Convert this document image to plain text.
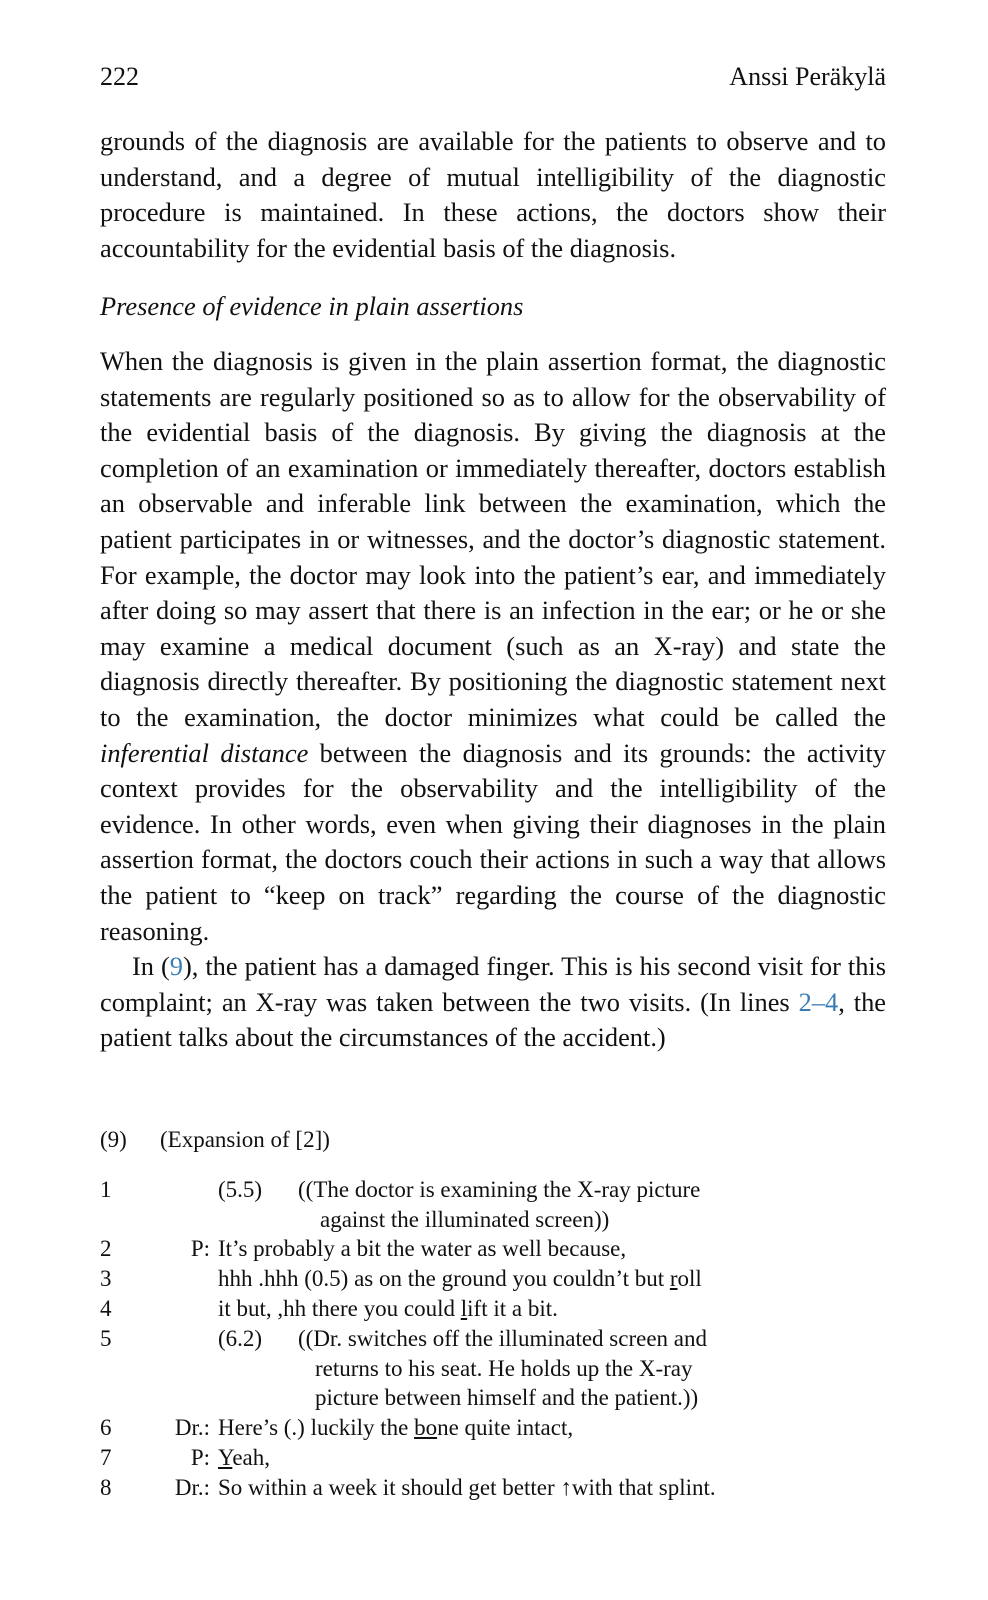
222	Anssi Peräkylä

grounds of the diagnosis are available for the patients to observe and to understand, and a degree of mutual intelligibility of the diagnostic procedure is maintained. In these actions, the doctors show their accountability for the evidential basis of the diagnosis.

Presence of evidence in plain assertions

When the diagnosis is given in the plain assertion format, the diagnostic statements are regularly positioned so as to allow for the observability of the evidential basis of the diagnosis. By giving the diagnosis at the completion of an examination or immediately thereafter, doctors establish an observable and inferable link between the examination, which the patient participates in or witnesses, and the doctor’s diagnostic statement. For example, the doctor may look into the patient’s ear, and immediately after doing so may assert that there is an infection in the ear; or he or she may examine a medical document (such as an X-ray) and state the diagnosis directly thereafter. By positioning the diagnostic statement next to the examination, the doctor minimizes what could be called the inferential distance between the diagnosis and its grounds: the activity context provides for the observability and the intelligibility of the evidence. In other words, even when giving their diagnoses in the plain assertion format, the doctors couch their actions in such a way that allows the patient to “keep on track” regarding the course of the diagnostic reasoning.

In (9), the patient has a damaged finger. This is his second visit for this complaint; an X-ray was taken between the two visits. (In lines 2–4, the patient talks about the circumstances of the accident.)

(9)	(Expansion of [2])
1	(5.5) ((The doctor is examining the X-ray picture
against the illuminated screen))
2	P: It’s probably a bit the water as well because,
3	hhh .hhh (0.5) as on the ground you couldn’t but roll
4	it but, ,hh there you could lift it a bit.
5	(6.2) ((Dr. switches off the illuminated screen and
returns to his seat. He holds up the X-ray
picture between himself and the patient.))
6	Dr.: Here’s (.) luckily the bone quite intact,
7	P: Yeah,
8	Dr.: So within a week it should get better ↑with that splint.
